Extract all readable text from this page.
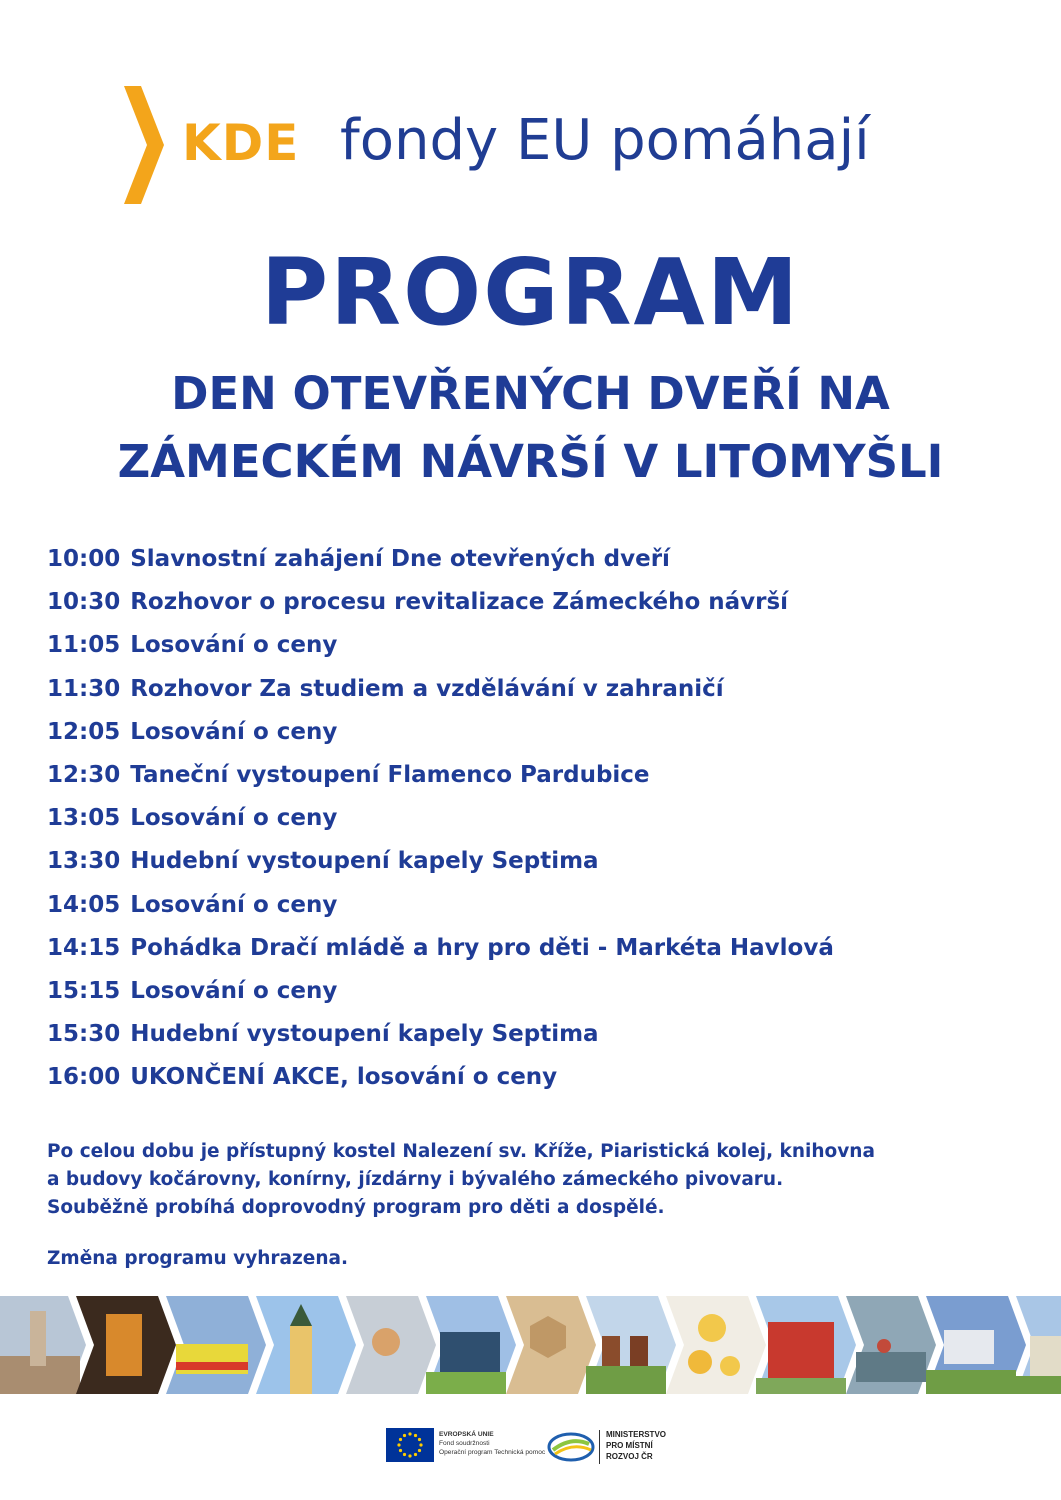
KDE fondy EU pomáhají
PROGRAM
DEN OTEVŘENÝCH DVEŘÍ NA
ZÁMECKÉM NÁVRŠÍ V LITOMYŠLI
10:00 Slavnostní zahájení Dne otevřených dveří
10:30 Rozhovor o procesu revitalizace Zámeckého návrší
11:05 Losování o ceny
11:30 Rozhovor Za studiem a vzdělávání v zahraničí
12:05 Losování o ceny
12:30 Taneční vystoupení Flamenco Pardubice
13:05 Losování o ceny
13:30 Hudební vystoupení kapely Septima
14:05 Losování o ceny
14:15 Pohádka Dračí mládě a hry pro děti - Markéta Havlová
15:15 Losování o ceny
15:30 Hudební vystoupení kapely Septima
16:00 UKONČENÍ AKCE, losování o ceny
Po celou dobu je přístupný kostel Nalezení sv. Kříže, Piaristická kolej, knihovna
a budovy kočárovny, konírny, jízdárny i bývalého zámeckého pivovaru.
Souběžně probíhá doprovodný program pro děti a dospělé.
Změna programu vyhrazena.
EVROPSKÁ UNIE
Fond soudržnosti
Operační program Technická pomoc
MINISTERSTVO
PRO MÍSTNÍ
ROZVOJ ČR
